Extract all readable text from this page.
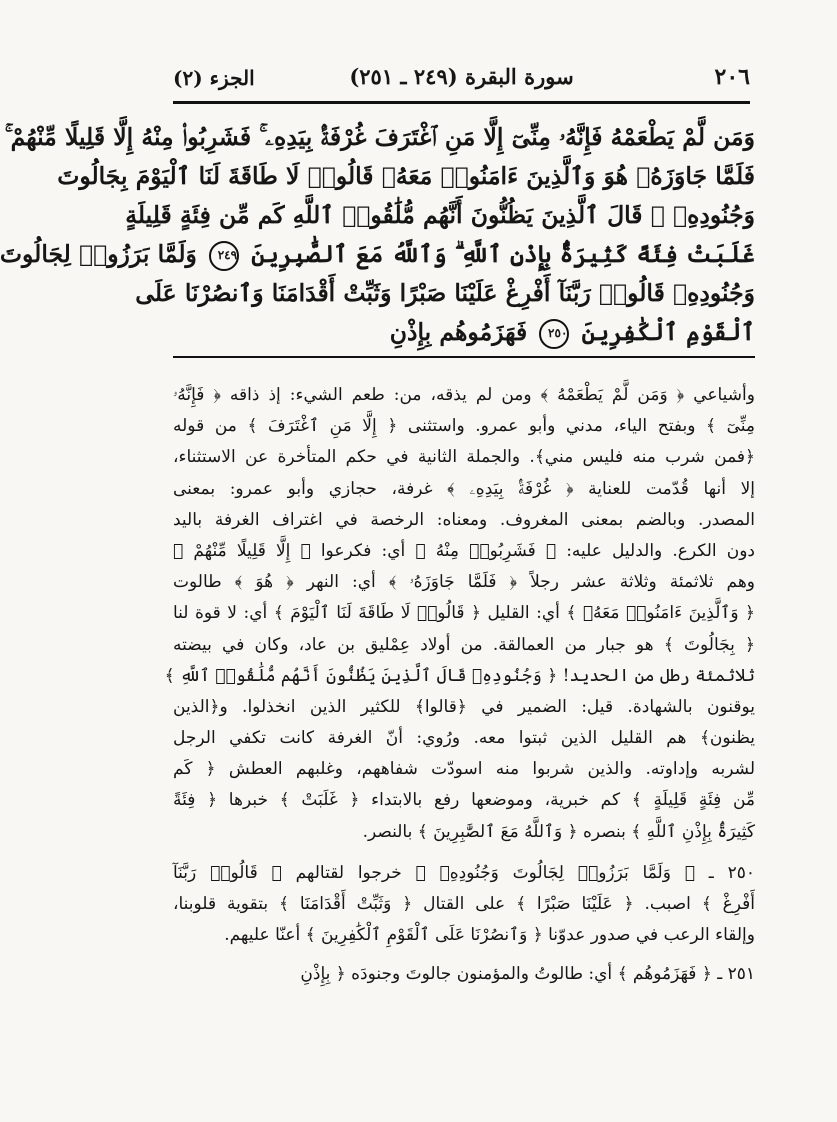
٢٠٦
سورة البقرة (٢٤٩ ـ ٢٥١)
الجزء (٢)
وَمَن لَّمْ يَطْعَمْهُ فَإِنَّهُۥ مِنِّىٓ إِلَّا مَنِ ٱغْتَرَفَ غُرْفَةًۢ بِيَدِهِۦ ۚ فَشَرِبُوا۟ مِنْهُ إِلَّا قَلِيلًا مِّنْهُمْ ۚ
فَلَمَّا جَاوَزَهُۥ هُوَ وَٱلَّذِينَ ءَامَنُوا۟ مَعَهُۥ قَالُوا۟ لَا طَاقَةَ لَنَا ٱلْيَوْمَ بِجَالُوتَ
وَجُنُودِهِۦ ۚ قَالَ ٱلَّذِينَ يَظُنُّونَ أَنَّهُم مُّلَٰقُوا۟ ٱللَّهِ كَم مِّن فِئَةٍ قَلِيلَةٍ
غَلَبَتْ فِئَةً كَثِيرَةًۢ بِإِذْنِ ٱللَّهِ ۗ وَٱللَّهُ مَعَ ٱلصَّٰبِرِينَ ٢٤٩ وَلَمَّا بَرَزُوا۟ لِجَالُوتَ
وَجُنُودِهِۦ قَالُوا۟ رَبَّنَآ أَفْرِغْ عَلَيْنَا صَبْرًا وَثَبِّتْ أَقْدَامَنَا وَٱنصُرْنَا عَلَى
ٱلْقَوْمِ ٱلْكَٰفِرِينَ ٢٥٠ فَهَزَمُوهُم بِإِذْنِ
وأشياعي ﴿ وَمَن لَّمْ يَطْعَمْهُ ﴾ ومن لم يذقه، من: طعم الشيء: إذ ذاقه ﴿ فَإِنَّهُۥ
مِنِّىٓ ﴾ وبفتح الياء، مدني وأبو عمرو. واستثنى ﴿ إِلَّا مَنِ ٱغْتَرَفَ ﴾ من قوله
﴿فمن شرب منه فليس مني﴾. والجملة الثانية في حكم المتأخرة عن الاستثناء،
إلا أنها قُدّمت للعناية ﴿ غُرْفَةًۢ بِيَدِهِۦ ﴾ غرفة، حجازي وأبو عمرو: بمعنى
المصدر. وبالضم بمعنى المغروف. ومعناه: الرخصة في اغتراف الغرفة باليد
دون الكرع. والدليل عليه: ﴿ فَشَرِبُوا۟ مِنْهُ ﴾ أي: فكرعوا ﴿ إِلَّا قَلِيلًا مِّنْهُمْ ﴾
وهم ثلاثمئة وثلاثة عشر رجلاً ﴿ فَلَمَّا جَاوَزَهُۥ ﴾ أي: النهر ﴿ هُوَ ﴾ طالوت
﴿ وَٱلَّذِينَ ءَامَنُوا۟ مَعَهُۥ ﴾ أي: القليل ﴿ قَالُوا۟ لَا طَاقَةَ لَنَا ٱلْيَوْمَ ﴾ أي: لا قوة لنا
﴿ بِجَالُوتَ ﴾ هو جبار من العمالقة. من أولاد عِمْليق بن عاد، وكان في بيضته
ثلاثمئة رطل من الحديد! ﴿ وَجُنُودِهِۦ قَالَ ٱلَّذِينَ يَظُنُّونَ أَنَّهُم مُّلَٰقُوا۟ ٱللَّهِ ﴾
يوقنون بالشهادة. قيل: الضمير في ﴿قالوا﴾ للكثير الذين انخذلوا. و﴿الذين
يظنون﴾ هم القليل الذين ثبتوا معه. ورُوي: أنّ الغرفة كانت تكفي الرجل
لشربه وإداوته. والذين شربوا منه اسودّت شفاههم، وغلبهم العطش ﴿ كَم
مِّن فِئَةٍ قَلِيلَةٍ ﴾ كم خبرية، وموضعها رفع بالابتداء ﴿ غَلَبَتْ ﴾ خبرها ﴿ فِئَةً
كَثِيرَةًۢ بِإِذْنِ ٱللَّهِ ﴾ بنصره ﴿ وَٱللَّهُ مَعَ ٱلصَّٰبِرِينَ ﴾ بالنصر.
٢٥٠ ـ ﴿ وَلَمَّا بَرَزُوا۟ لِجَالُوتَ وَجُنُودِهِۦ ﴾ خرجوا لقتالهم ﴿ قَالُوا۟ رَبَّنَآ
أَفْرِغْ ﴾ اصبب. ﴿ عَلَيْنَا صَبْرًا ﴾ على القتال ﴿ وَثَبِّتْ أَقْدَامَنَا ﴾ بتقوية قلوبنا،
وإلقاء الرعب في صدور عدوّنا ﴿ وَٱنصُرْنَا عَلَى ٱلْقَوْمِ ٱلْكَٰفِرِينَ ﴾ أعنّا عليهم.
٢٥١ ـ ﴿ فَهَزَمُوهُم ﴾ أي: طالوتُ والمؤمنون جالوتَ وجنودَه ﴿ بِإِذْنِ
